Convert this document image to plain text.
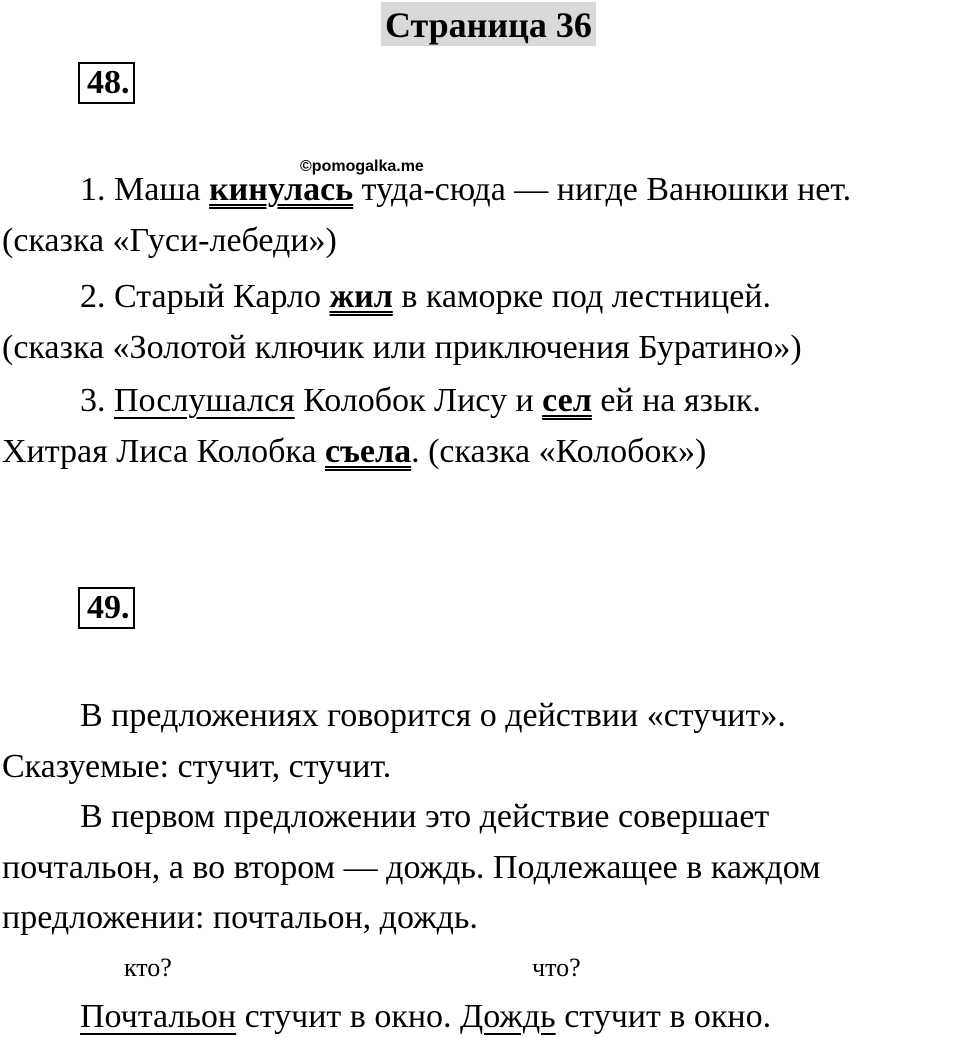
Страница 36
48.
©pomogalka.me
1. Маша кинулась туда-сюда — нигде Ванюшки нет.
(сказка «Гуси-лебеди»)
2. Старый Карло жил в каморке под лестницей.
(сказка «Золотой ключик или приключения Буратино»)
3. Послушался Колобок Лису и сел ей на язык.
Хитрая Лиса Колобка съела. (сказка «Колобок»)
49.
В предложениях говорится о действии «стучит».
Сказуемые: стучит, стучит.
В первом предложении это действие совершает
почтальон, а во втором — дождь. Подлежащее в каждом
предложении: почтальон, дождь.
кто?	что?
Почтальон стучит в окно. Дождь стучит в окно.
